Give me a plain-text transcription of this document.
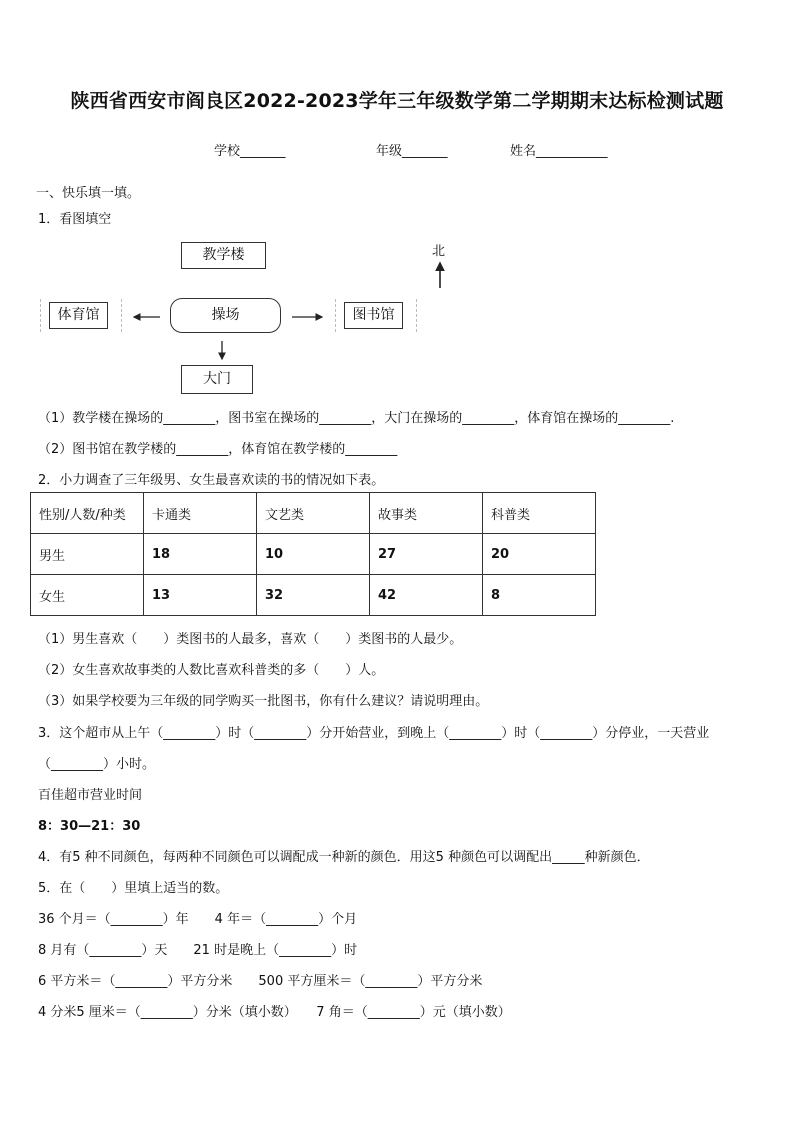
陕西省西安市阎良区2022-2023学年三年级数学第二学期期末达标检测试题
学校_______	年级_______	姓名___________
一、快乐填一填。
1．看图填空
教学楼
操场
体育馆	图书馆
大门
北
（1）教学楼在操场的________，图书室在操场的________，大门在操场的________，体育馆在操场的________.
（2）图书馆在教学楼的________，体育馆在教学楼的________
2．小力调查了三年级男、女生最喜欢读的书的情况如下表。
性别/人数/种类	卡通类	文艺类	故事类	科普类
男生	18	10	27	20
女生	13	32	42	8
（1）男生喜欢（　　）类图书的人最多，喜欢（　　）类图书的人最少。
（2）女生喜欢故事类的人数比喜欢科普类的多（　　）人。
（3）如果学校要为三年级的同学购买一批图书，你有什么建议？请说明理由。
3．这个超市从上午（________）时（________）分开始营业，到晚上（________）时（________）分停业，一天营业
（________）小时。
百佳超市营业时间
8：30—21：30
4．有5 种不同颜色，每两种不同颜色可以调配成一种新的颜色．用这5 种颜色可以调配出_____种新颜色．
5．在（　　）里填上适当的数。
36 个月＝（________）年　　4 年＝（________）个月
8 月有（________）天　　21 时是晚上（________）时
6 平方米＝（________）平方分米　　500 平方厘米＝（________）平方分米
4 分米5 厘米＝（________）分米（填小数）　　7 角＝（________）元（填小数）
